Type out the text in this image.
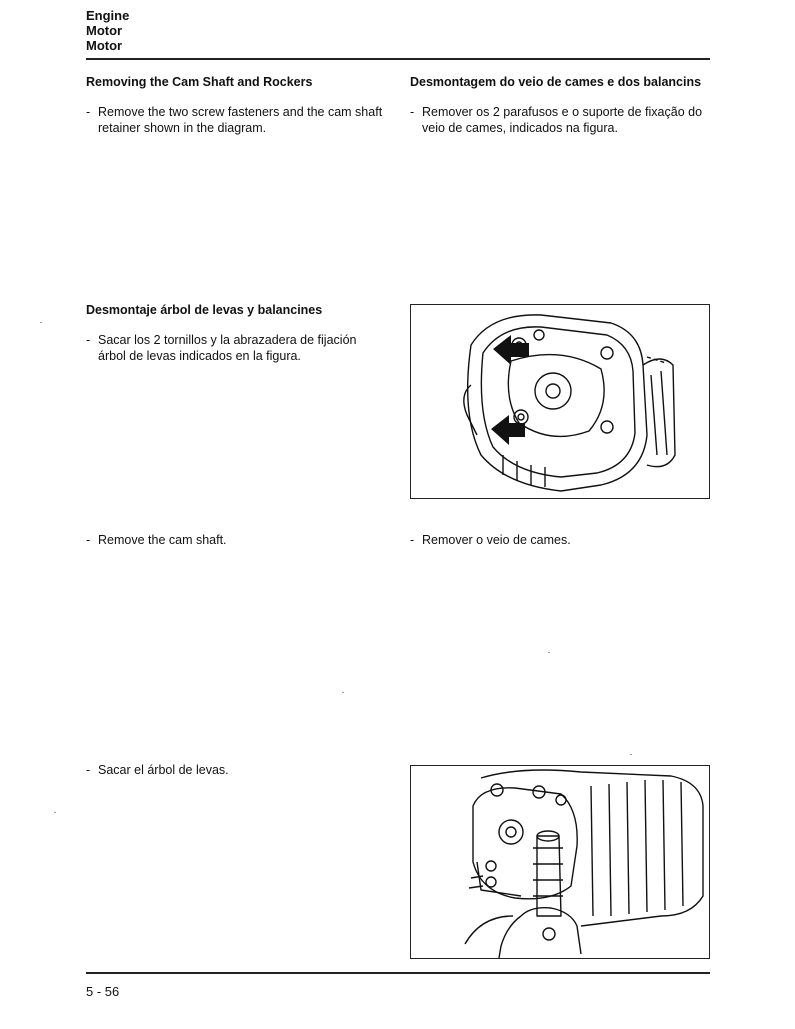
Engine
Motor
Motor
Removing the Cam Shaft and Rockers	Desmontagem do veio de cames e dos balancins
- Remove the two screw fasteners and the cam shaft retainer shown in the diagram.
- Remover os 2 parafusos e o suporte de fixação do veio de cames, indicados na figura.
Desmontaje árbol de levas y balancines
- Sacar los 2 tornillos y la abrazadera de fijación árbol de levas indicados en la figura.
- Remove the cam shaft.	- Remover o veio de cames.
- Sacar el árbol de levas.
5 - 56
